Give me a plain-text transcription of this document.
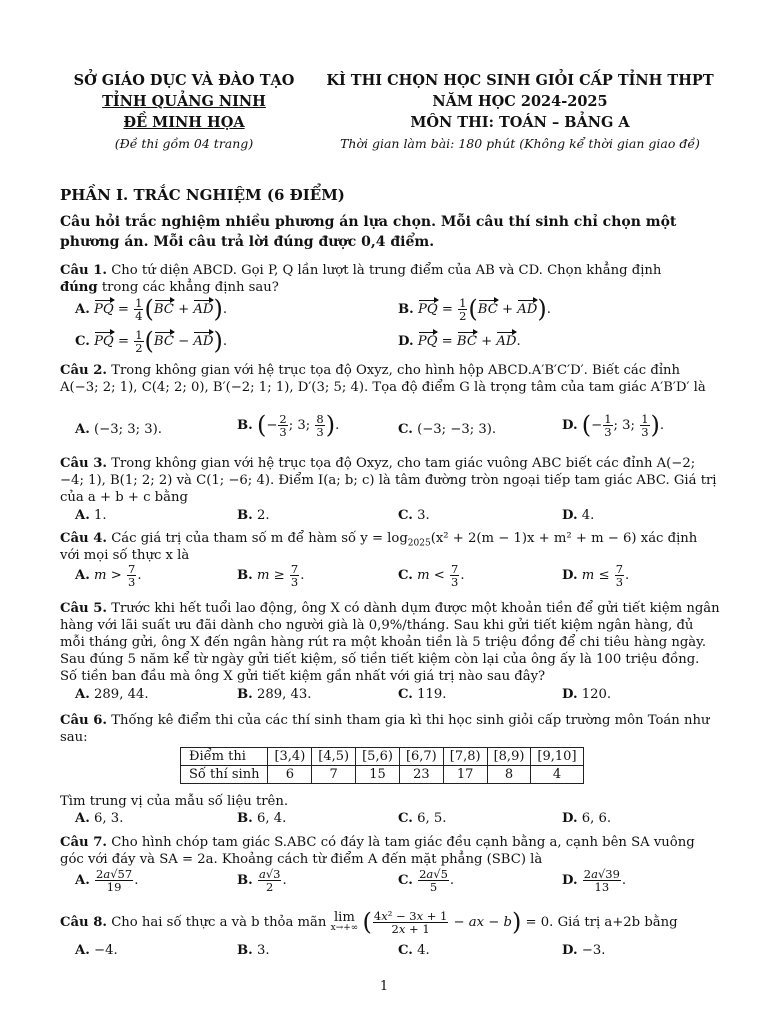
SỞ GIÁO DỤC VÀ ĐÀO TẠO
TỈNH QUẢNG NINH
ĐỀ MINH HỌA
(Đề thi gồm 04 trang)
KÌ THI CHỌN HỌC SINH GIỎI CẤP TỈNH THPT
NĂM HỌC 2024-2025
MÔN THI: TOÁN – BẢNG A
Thời gian làm bài: 180 phút (Không kể thời gian giao đề)
PHẦN I. TRẮC NGHIỆM (6 ĐIỂM)
Câu hỏi trắc nghiệm nhiều phương án lựa chọn. Mỗi câu thí sinh chỉ chọn một phương án. Mỗi câu trả lời đúng được 0,4 điểm.
Câu 1. Cho tứ diện ABCD. Gọi P, Q lần lượt là trung điểm của AB và CD. Chọn khẳng định
đúng trong các khẳng định sau?
A. PQ = $\frac{1}{4} (BC + AD)$.	B. PQ = $\frac{1}{2} (BC + AD)$.
C. PQ = $\frac{1}{2} (BC - AD)$.	D. PQ = BC + AD.
Câu 2. Trong không gian với hệ trục tọa độ Oxyz, cho hình hộp ABCD.A′B′C′D′. Biết các đỉnh A(−3; 2; 1), C(4; 2; 0), B′(−2; 1; 1), D′(3; 5; 4). Tọa độ điểm G là trọng tâm của tam giác A′B′D′ là
A. (−3; 3; 3).	B. (− $\frac{2}{3}$ ; 3; $\frac{8}{3}$ ).	C. (−3; −3; 3).	D. (− $\frac{1}{3}$ ; 3; $\frac{1}{3}$ ).
Câu 3. Trong không gian với hệ trục tọa độ Oxyz, cho tam giác vuông ABC biết các đỉnh A(−2; −4; 1), B(1; 2; 2) và C(1; −6; 4). Điểm I(a; b; c) là tâm đường tròn ngoại tiếp tam giác ABC. Giá trị của a + b + c bằng
A. 1.	B. 2.	C. 3.	D. 4.
Câu 4. Các giá trị của tham số m để hàm số $y = \log_{2025}(x^2 + 2(m - 1)x + m^2 + m - 6)$ xác định
với mọi số thực x là
A. $m > \frac{7}{3}$ .	B. $m \ge \frac{7}{3}$ .	C. $m < \frac{7}{3}$ .	D. $m \le \frac{7}{3}$ .
Câu 5. Trước khi hết tuổi lao động, ông X có dành dụm được một khoản tiền để gửi tiết kiệm ngân hàng với lãi suất ưu đãi dành cho người già là 0,9%/tháng. Sau khi gửi tiết kiệm ngân hàng, đủ mỗi tháng gửi, ông X đến ngân hàng rút ra một khoản tiền là 5 triệu đồng để chi tiêu hàng ngày. Sau đúng 5 năm kể từ ngày gửi tiết kiệm, số tiền tiết kiệm còn lại của ông ấy là 100 triệu đồng. Số tiền ban đầu mà ông X gửi tiết kiệm gần nhất với giá trị nào sau đây?
A. 289, 44.	B. 289, 43.	C. 119.	D. 120.
Câu 6. Thống kê điểm thi của các thí sinh tham gia kì thi học sinh giỏi cấp trường môn Toán như sau:
Điểm thi	[3,4)	[4,5)	[5,6)	[6,7)	[7,8)	[8,9)	[9,10]
Số thí sinh	6	7	15	23	17	8	4
Tìm trung vị của mẫu số liệu trên.
A. 6, 3.	B. 6, 4.	C. 6, 5.	D. 6, 6.
Câu 7. Cho hình chóp tam giác S.ABC có đáy là tam giác đều cạnh bằng a, cạnh bên SA vuông góc với đáy và SA = 2a. Khoảng cách từ điểm A đến mặt phẳng (SBC) là
A. $\frac{2a√57}{19}$ .	B. $\frac{a√3}{2}$ .	C. $\frac{2a√5}{5}$ .	D. $\frac{2a√39}{13}$ .
Câu 8. Cho hai số thực a và b thỏa mãn lim
x→+∞ ( $\frac{\text{4x² − 3x + 1}}{2x + 1}$ − ax − b) = 0. Giá trị a+2b bằng
A. −4.	B. 3.	C. 4.	D. −3.
1
